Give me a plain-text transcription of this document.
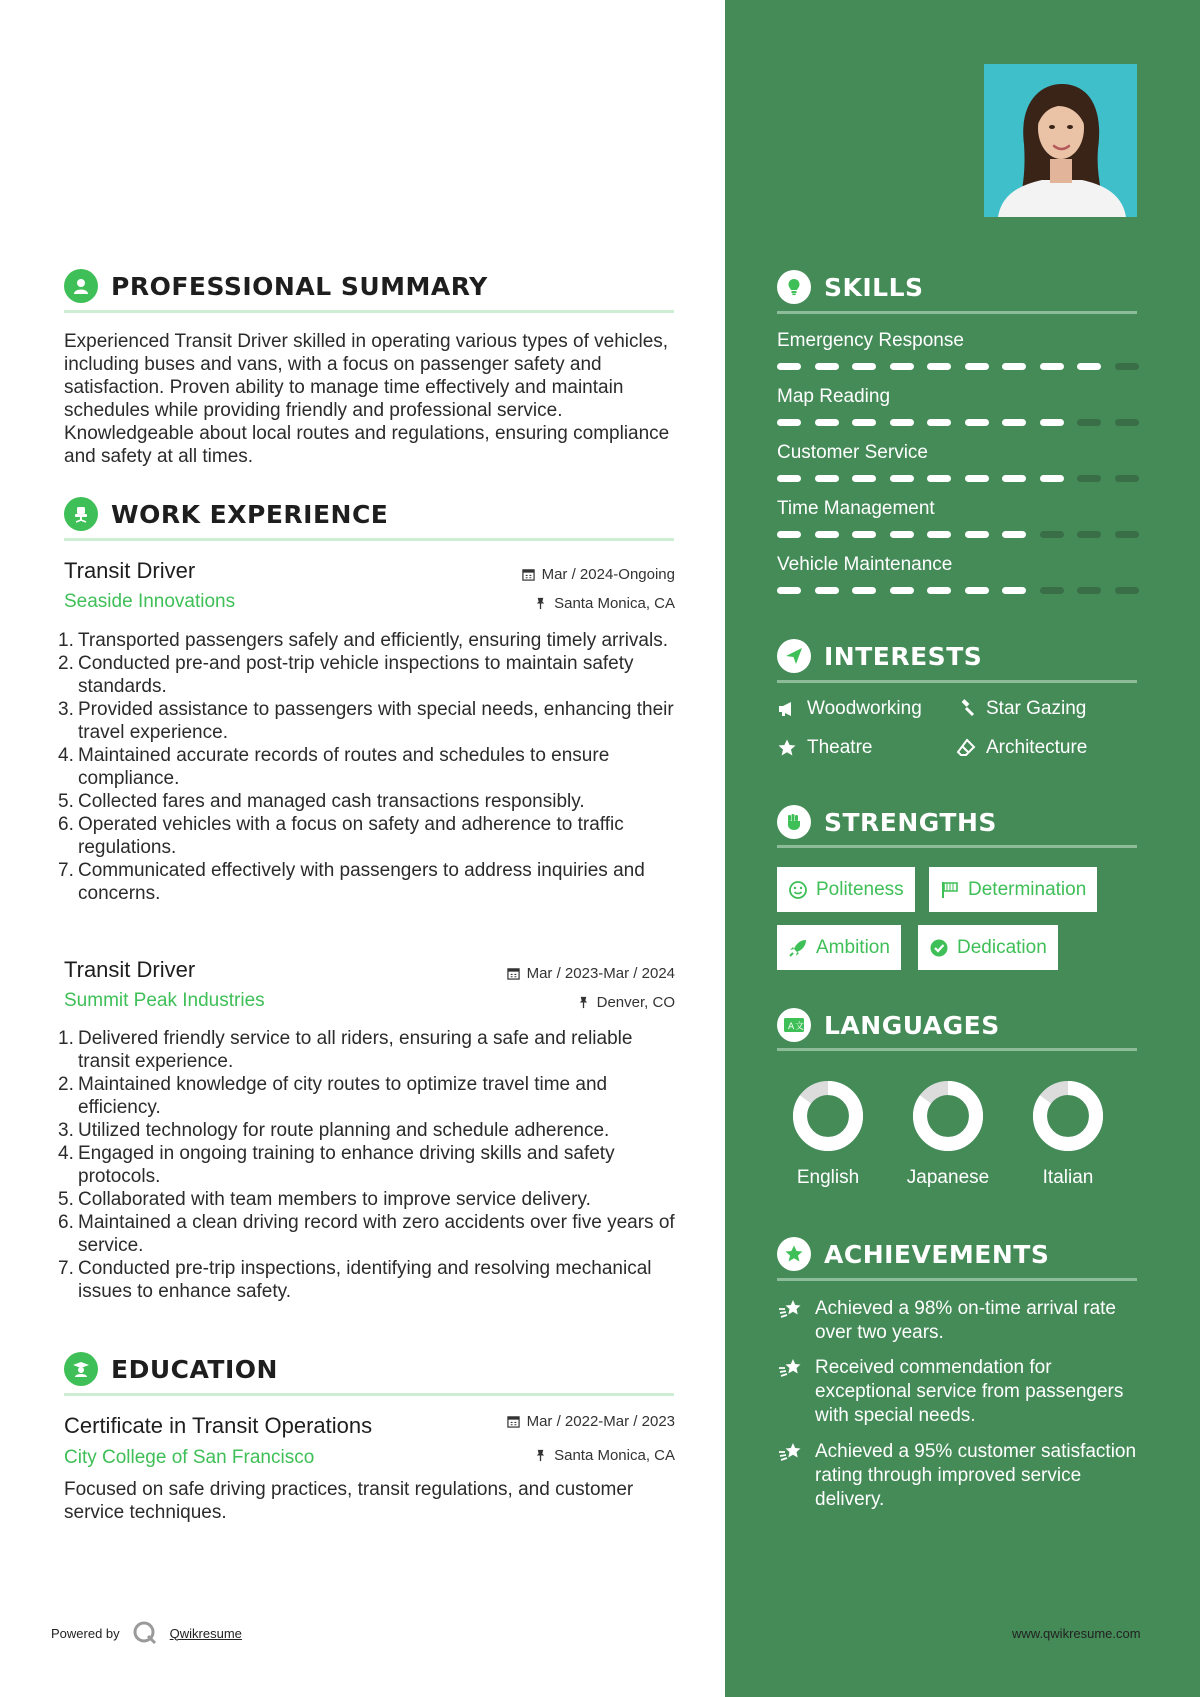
PROFESSIONAL SUMMARY
Experienced Transit Driver skilled in operating various types of vehicles, including buses and vans, with a focus on passenger safety and satisfaction. Proven ability to manage time effectively and maintain schedules while providing friendly and professional service. Knowledgeable about local routes and regulations, ensuring compliance and safety at all times.
WORK EXPERIENCE
Transit Driver
Seaside Innovations
Mar / 2024-Ongoing
Santa Monica, CA
1. Transported passengers safely and efficiently, ensuring timely arrivals.
2. Conducted pre-and post-trip vehicle inspections to maintain safety standards.
3. Provided assistance to passengers with special needs, enhancing their travel experience.
4. Maintained accurate records of routes and schedules to ensure compliance.
5. Collected fares and managed cash transactions responsibly.
6. Operated vehicles with a focus on safety and adherence to traffic regulations.
7. Communicated effectively with passengers to address inquiries and concerns.
Transit Driver
Summit Peak Industries
Mar / 2023-Mar / 2024
Denver, CO
1. Delivered friendly service to all riders, ensuring a safe and reliable transit experience.
2. Maintained knowledge of city routes to optimize travel time and efficiency.
3. Utilized technology for route planning and schedule adherence.
4. Engaged in ongoing training to enhance driving skills and safety protocols.
5. Collaborated with team members to improve service delivery.
6. Maintained a clean driving record with zero accidents over five years of service.
7. Conducted pre-trip inspections, identifying and resolving mechanical issues to enhance safety.
EDUCATION
Certificate in Transit Operations
City College of San Francisco
Mar / 2022-Mar / 2023
Santa Monica, CA
Focused on safe driving practices, transit regulations, and customer service techniques.
Powered by	Qwikresume
SKILLS
Emergency Response
Map Reading
Customer Service
Time Management
Vehicle Maintenance
INTERESTS
Woodworking	Star Gazing
Theatre	Architecture
STRENGTHS
Politeness	Determination
Ambition	Dedication
A 文 LANGUAGES
English	Japanese	Italian
ACHIEVEMENTS
Achieved a 98% on-time arrival rate over two years.
Received commendation for exceptional service from passengers with special needs.
Achieved a 95% customer satisfaction rating through improved service delivery.
www.qwikresume.com
